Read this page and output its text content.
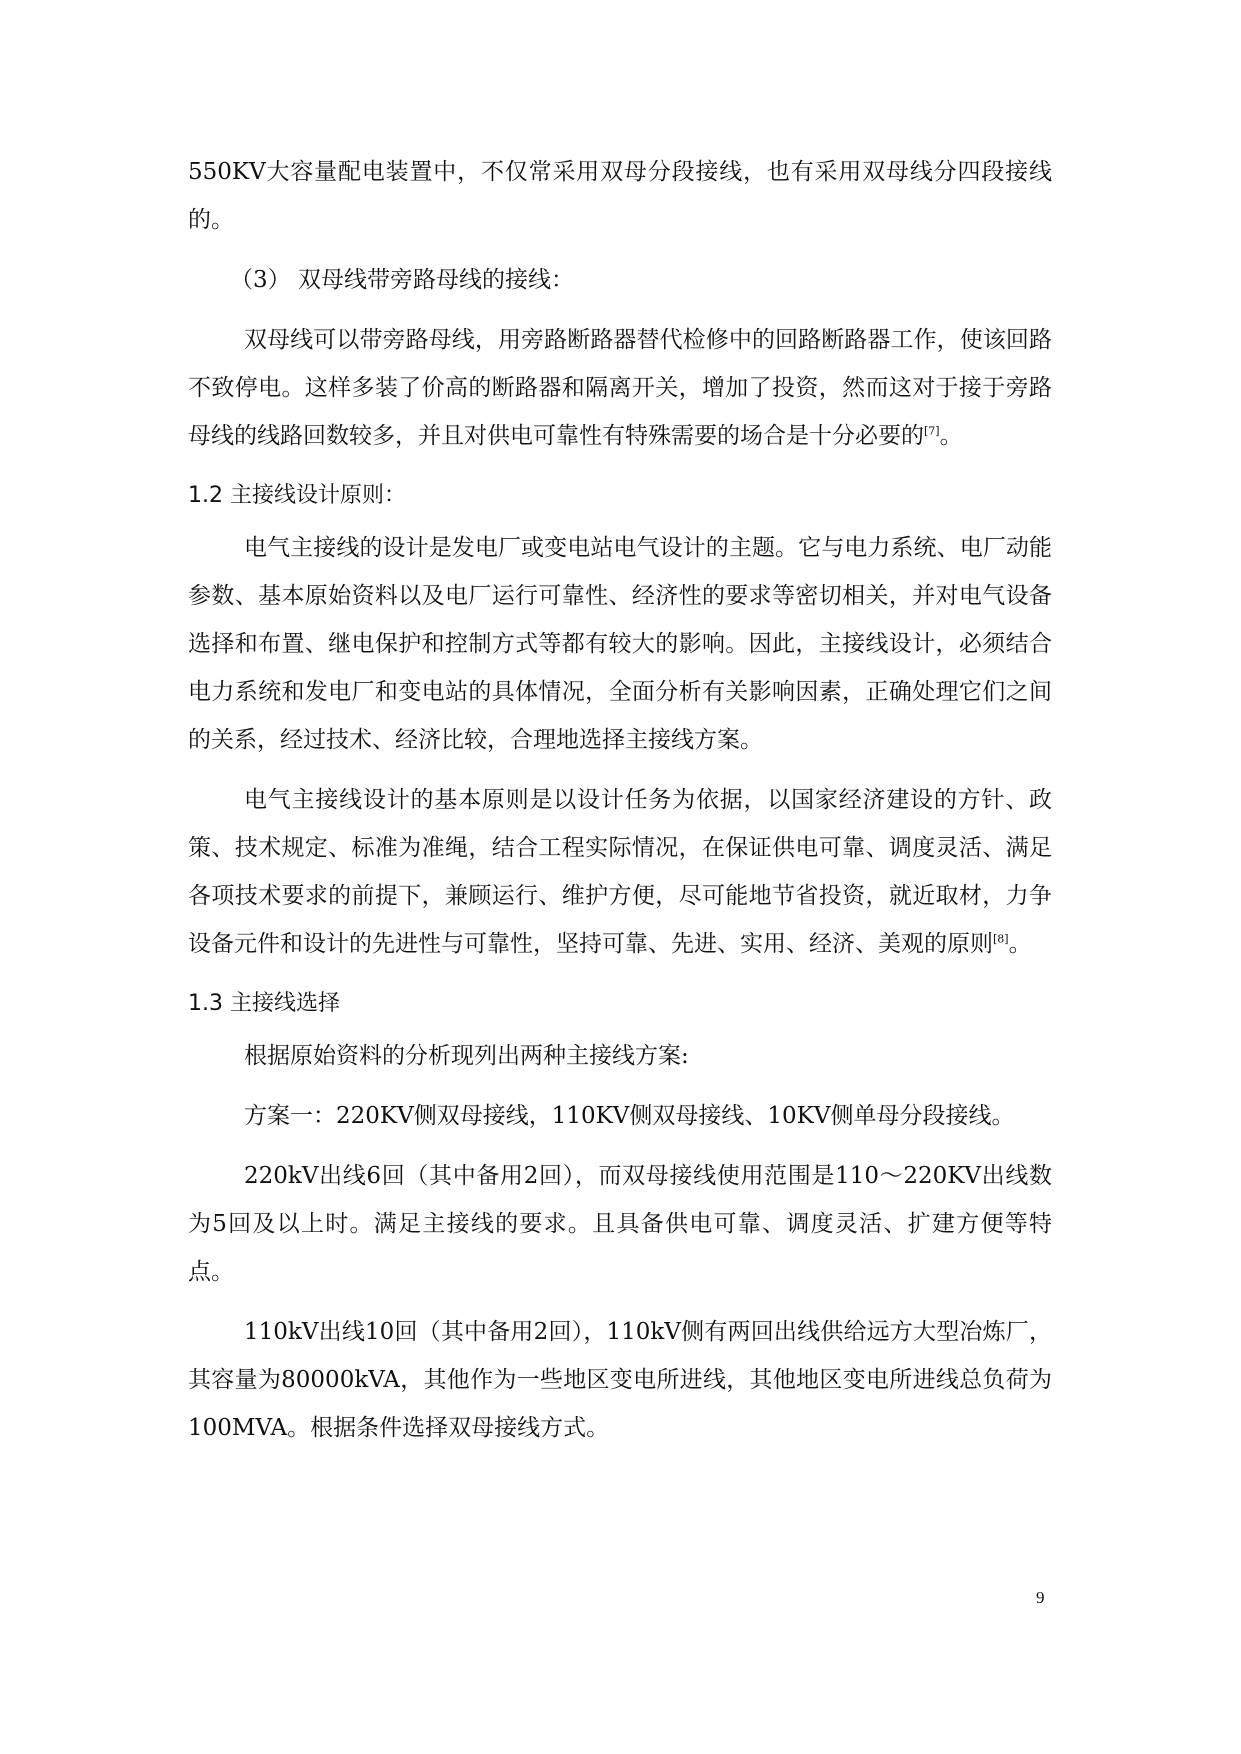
550KV大容量配电装置中，不仅常采用双母分段接线，也有采用双母线分四段接线的。

（3） 双母线带旁路母线的接线：

双母线可以带旁路母线，用旁路断路器替代检修中的回路断路器工作，使该回路不致停电。这样多装了价高的断路器和隔离开关，增加了投资，然而这对于接于旁路母线的线路回数较多，并且对供电可靠性有特殊需要的场合是十分必要的[7]。

1.2 主接线设计原则：

电气主接线的设计是发电厂或变电站电气设计的主题。它与电力系统、电厂动能参数、基本原始资料以及电厂运行可靠性、经济性的要求等密切相关，并对电气设备选择和布置、继电保护和控制方式等都有较大的影响。因此，主接线设计，必须结合电力系统和发电厂和变电站的具体情况，全面分析有关影响因素，正确处理它们之间的关系，经过技术、经济比较，合理地选择主接线方案。

电气主接线设计的基本原则是以设计任务为依据，以国家经济建设的方针、政策、技术规定、标准为准绳，结合工程实际情况，在保证供电可靠、调度灵活、满足各项技术要求的前提下，兼顾运行、维护方便，尽可能地节省投资，就近取材，力争设备元件和设计的先进性与可靠性，坚持可靠、先进、实用、经济、美观的原则[8]。

1.3 主接线选择

根据原始资料的分析现列出两种主接线方案:

方案一：220KV侧双母接线，110KV侧双母接线、10KV侧单母分段接线。

220kV出线6回（其中备用2回），而双母接线使用范围是110～220KV出线数为5回及以上时。满足主接线的要求。且具备供电可靠、调度灵活、扩建方便等特点。

110kV出线10回（其中备用2回），110kV侧有两回出线供给远方大型冶炼厂，其容量为80000kVA，其他作为一些地区变电所进线，其他地区变电所进线总负荷为100MVA。根据条件选择双母接线方式。

9
